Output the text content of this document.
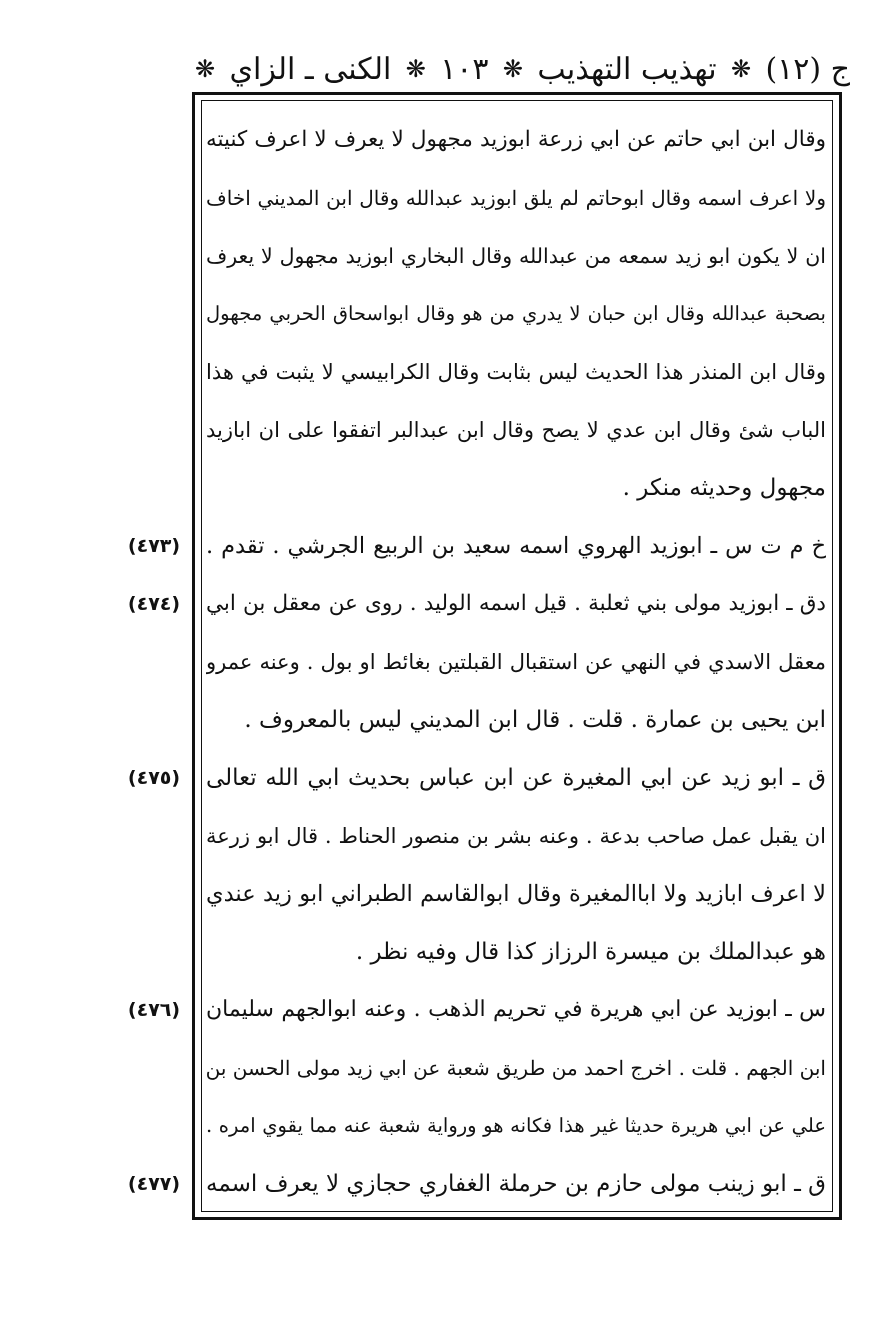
ج (١٢)
❋
تهذيب التهذيب
❋
١٠٣
❋
الكنى ـ الزاي
❋
وقال ابن ابي حاتم عن ابي زرعة ابوزيد مجهول لا يعرف لا اعرف كنيته
ولا اعرف اسمه وقال ابوحاتم لم يلق ابوزيد عبدالله وقال ابن المديني اخاف
ان لا يكون ابو زيد سمعه من عبدالله وقال البخاري ابوزيد مجهول لا يعرف
بصحبة عبدالله وقال ابن حبان لا يدري من هو وقال ابواسحاق الحربي مجهول
وقال ابن المنذر هذا الحديث ليس بثابت وقال الكرابيسي لا يثبت في هذا
الباب شئ وقال ابن عدي لا يصح وقال ابن عبدالبر اتفقوا على ان ابازيد
مجهول وحديثه منكر .
خ م ت س ـ ابوزيد الهروي اسمه سعيد بن الربيع الجرشي . تقدم .
دق ـ ابوزيد مولى بني ثعلبة . قيل اسمه الوليد . روى عن معقل بن ابي
معقل الاسدي في النهي عن استقبال القبلتين بغائط او بول . وعنه عمرو
ابن يحيى بن عمارة . قلت . قال ابن المديني ليس بالمعروف .
ق ـ ابو زيد عن ابي المغيرة عن ابن عباس بحديث ابي الله تعالى
ان يقبل عمل صاحب بدعة . وعنه بشر بن منصور الحناط . قال ابو زرعة
لا اعرف ابازيد ولا اباالمغيرة وقال ابوالقاسم الطبراني ابو زيد عندي
هو عبدالملك بن ميسرة الرزاز كذا قال وفيه نظر .
س ـ ابوزيد عن ابي هريرة في تحريم الذهب . وعنه ابوالجهم سليمان
ابن الجهم . قلت . اخرج احمد من طريق شعبة عن ابي زيد مولى الحسن بن
علي عن ابي هريرة حديثا غير هذا فكانه هو ورواية شعبة عنه مما يقوي امره .
ق ـ ابو زينب مولى حازم بن حرملة الغفاري حجازي لا يعرف اسمه
(٤٧٣)
(٤٧٤)
(٤٧٥)
(٤٧٦)
(٤٧٧)
